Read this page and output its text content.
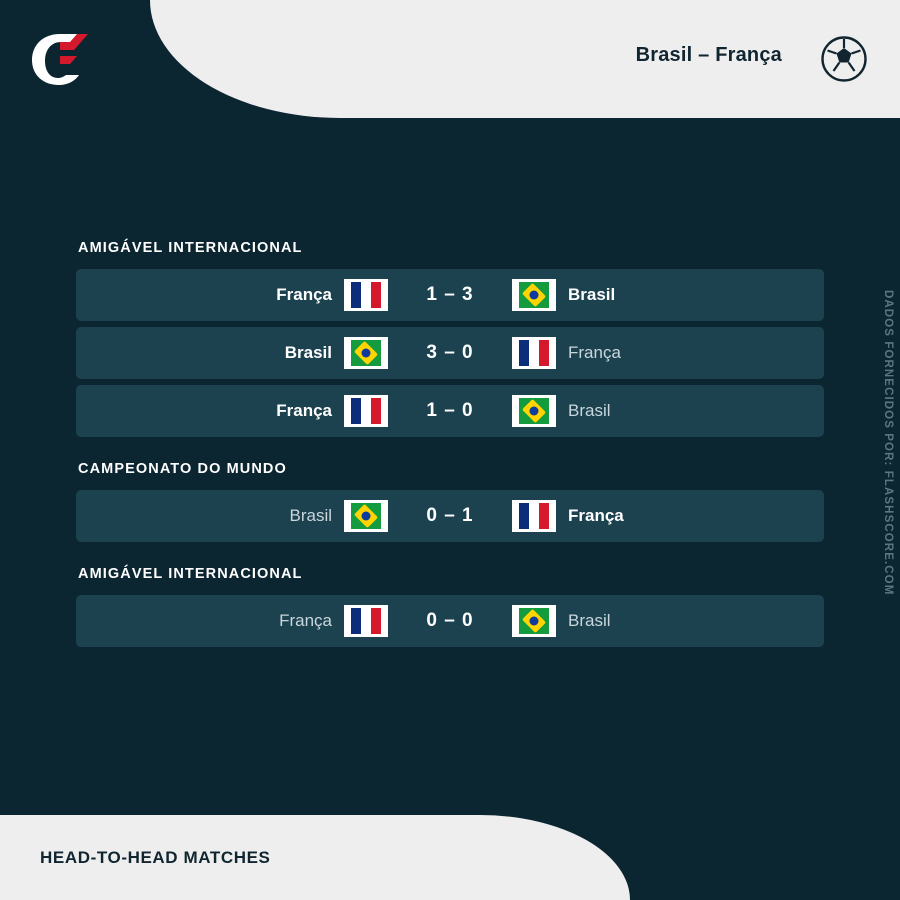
Brasil – França
DADOS FORNECIDOS POR: FLASHSCORE.COM
AMIGÁVEL INTERNACIONAL
França	1 – 3	Brasil
Brasil	3 – 0	França
França	1 – 0	Brasil
CAMPEONATO DO MUNDO
Brasil	0 – 1	França
AMIGÁVEL INTERNACIONAL
França	0 – 0	Brasil
HEAD-TO-HEAD MATCHES
